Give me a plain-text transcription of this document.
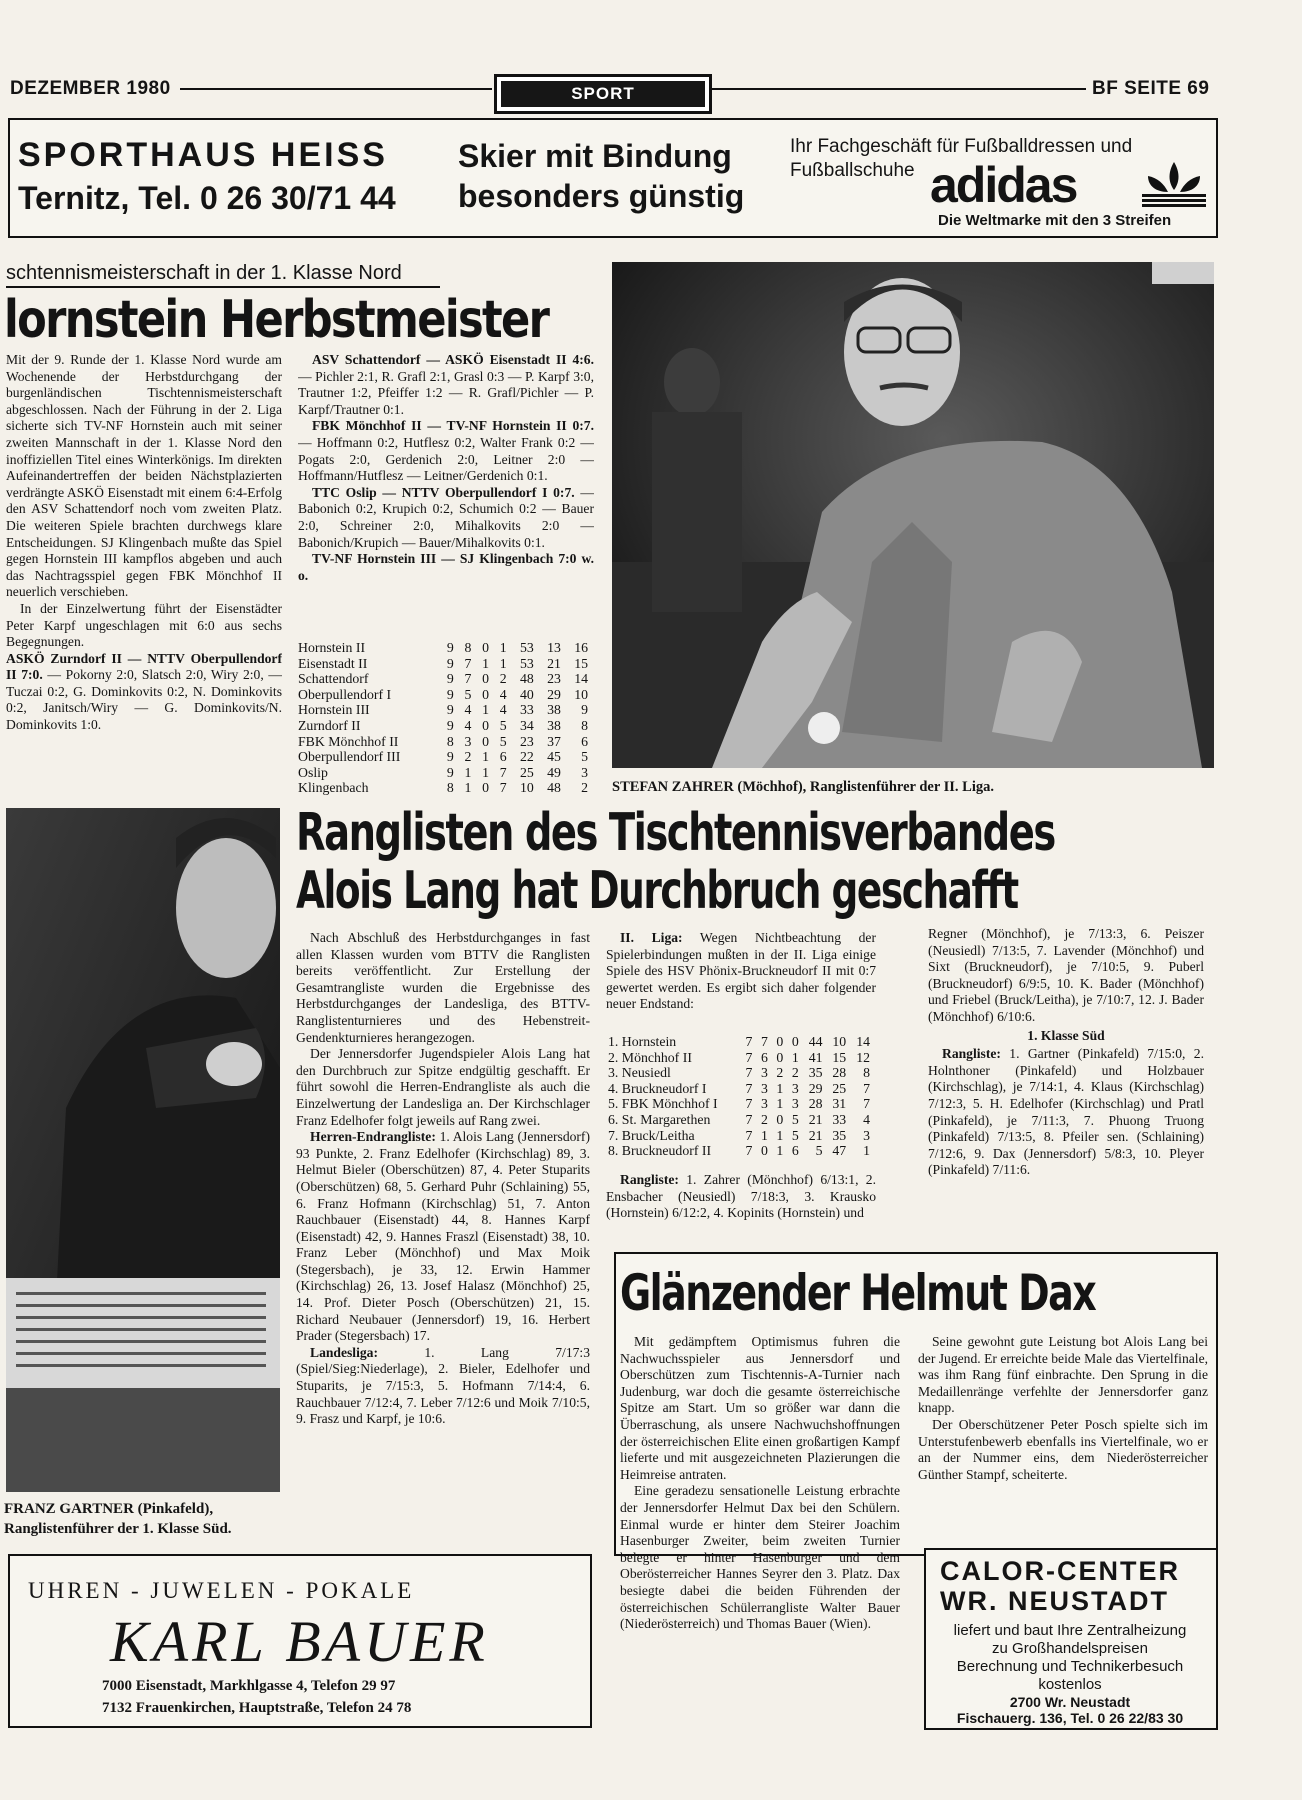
DEZEMBER 1980	SPORT	BF SEITE 69
SPORTHAUS HEISS
Ternitz, Tel. 0 26 30/71 44
Skier mit Bindung
besonders günstig
Ihr Fachgeschäft für Fußballdressen und
Fußballschuhe adidas
Die Weltmarke mit den 3 Streifen
schtennismeisterschaft in der 1. Klasse Nord
lornstein Herbstmeister

Mit der 9. Runde der 1. Klasse Nord wurde am Wochenende der Herbstdurchgang der burgenländischen Tischtennismeisterschaft abgeschlossen. Nach der Führung in der 2. Liga sicherte sich TV-NF Hornstein auch mit seiner zweiten Mannschaft in der 1. Klasse Nord den inoffiziellen Titel eines Winterkönigs. Im direkten Aufeinandertreffen der beiden Nächstplazierten verdrängte ASKÖ Eisenstadt mit einem 6:4-Erfolg den ASV Schattendorf noch vom zweiten Platz. Die weiteren Spiele brachten durchwegs klare Entscheidungen. SJ Klingenbach mußte das Spiel gegen Hornstein III kampflos abgeben und auch das Nachtragsspiel gegen FBK Mönchhof II neuerlich verschieben.

In der Einzelwertung führt der Eisenstädter Peter Karpf ungeschlagen mit 6:0 aus sechs Begegnungen.

ASKÖ Zurndorf II — NTTV Oberpullendorf II 7:0. — Pokorny 2:0, Slatsch 2:0, Wiry 2:0, — Tuczai 0:2, G. Dominkovits 0:2, N. Dominkovits 0:2, Janitsch/Wiry — G. Dominkovits/N. Dominkovits 1:0.

ASV Schattendorf — ASKÖ Eisenstadt II 4:6. — Pichler 2:1, R. Grafl 2:1, Grasl 0:3 — P. Karpf 3:0, Trautner 1:2, Pfeiffer 1:2 — R. Grafl/Pichler — P. Karpf/Trautner 0:1.

FBK Mönchhof II — TV-NF Hornstein II 0:7. — Hoffmann 0:2, Hutflesz 0:2, Walter Frank 0:2 — Pogats 2:0, Gerdenich 2:0, Leitner 2:0 — Hoffmann/Hutflesz — Leitner/Gerdenich 0:1.

TTC Oslip — NTTV Oberpullendorf I 0:7. — Babonich 0:2, Krupich 0:2, Schumich 0:2 — Bauer 2:0, Schreiner 2:0, Mihalkovits 2:0 — Babonich/Krupich — Bauer/Mihalkovits 0:1.

TV-NF Hornstein III — SJ Klingenbach 7:0 w. o.

Hornstein II	9	8	0	1	53	13	16
Eisenstadt II	9	7	1	1	53	21	15
Schattendorf	9	7	0	2	48	23	14
Oberpullendorf I	9	5	0	4	40	29	10
Hornstein III	9	4	1	4	33	38	9
Zurndorf II	9	4	0	5	34	38	8
FBK Mönchhof II	8	3	0	5	23	37	6
Oberpullendorf III	9	2	1	6	22	45	5
Oslip	9	1	1	7	25	49	3
Klingenbach	8	1	0	7	10	48	2 STEFAN ZAHRER (Möchhof), Ranglistenführer der II. Liga.
FRANZ GARTNER (Pinkafeld),
Ranglistenführer der 1. Klasse Süd.
Ranglisten des Tischtennisverbandes
Alois Lang hat Durchbruch geschafft

Nach Abschluß des Herbstdurchganges in fast allen Klassen wurden vom BTTV die Ranglisten bereits veröffentlicht. Zur Erstellung der Gesamtrangliste wurden die Ergebnisse des Herbstdurchganges der Landesliga, des BTTV-Ranglistenturnieres und des Hebenstreit-Gendenkturnieres herangezogen.

Der Jennersdorfer Jugendspieler Alois Lang hat den Durchbruch zur Spitze endgültig geschafft. Er führt sowohl die Herren-Endrangliste als auch die Einzelwertung der Landesliga an. Der Kirchschlager Franz Edelhofer folgt jeweils auf Rang zwei.

Herren-Endrangliste: 1. Alois Lang (Jennersdorf) 93 Punkte, 2. Franz Edelhofer (Kirchschlag) 89, 3. Helmut Bieler (Oberschützen) 87, 4. Peter Stuparits (Oberschützen) 68, 5. Gerhard Puhr (Schlaining) 55, 6. Franz Hofmann (Kirchschlag) 51, 7. Anton Rauchbauer (Eisenstadt) 44, 8. Hannes Karpf (Eisenstadt) 42, 9. Hannes Fraszl (Eisenstadt) 38, 10. Franz Leber (Mönchhof) und Max Moik (Stegersbach), je 33, 12. Erwin Hammer (Kirchschlag) 26, 13. Josef Halasz (Mönchhof) 25, 14. Prof. Dieter Posch (Oberschützen) 21, 15. Richard Neubauer (Jennersdorf) 19, 16. Herbert Prader (Stegersbach) 17.

Landesliga: 1. Lang 7/17:3 (Spiel/Sieg:Niederlage), 2. Bieler, Edelhofer und Stuparits, je 7/15:3, 5. Hofmann 7/14:4, 6. Rauchbauer 7/12:4, 7. Leber 7/12:6 und Moik 7/10:5, 9. Frasz und Karpf, je 10:6.

II. Liga: Wegen Nichtbeachtung der Spielerbindungen mußten in der II. Liga einige Spiele des HSV Phönix-Bruckneudorf II mit 0:7 gewertet werden. Es ergibt sich daher folgender neuer Endstand:

1. Hornstein	7	7	0	0	44	10	14
2. Mönchhof II	7	6	0	1	41	15	12
3. Neusiedl	7	3	2	2	35	28	8
4. Bruckneudorf I	7	3	1	3	29	25	7
5. FBK Mönchhof I	7	3	1	3	28	31	7
6. St. Margarethen	7	2	0	5	21	33	4
7. Bruck/Leitha	7	1	1	5	21	35	3
8. Bruckneudorf II	7	0	1	6	5	47	1

Rangliste: 1. Zahrer (Mönchhof) 6/13:1, 2. Ensbacher (Neusiedl) 7/18:3, 3. Krausko (Hornstein) 6/12:2, 4. Kopinits (Hornstein) und

Regner (Mönchhof), je 7/13:3, 6. Peiszer (Neusiedl) 7/13:5, 7. Lavender (Mönchhof) und Sixt (Bruckneudorf), je 7/10:5, 9. Puberl (Bruckneudorf) 6/9:5, 10. K. Bader (Mönchhof) und Friebel (Bruck/Leitha), je 7/10:7, 12. J. Bader (Mönchhof) 6/10:6.

1. Klasse Süd

Rangliste: 1. Gartner (Pinkafeld) 7/15:0, 2. Holnthoner (Pinkafeld) und Holzbauer (Kirchschlag), je 7/14:1, 4. Klaus (Kirchschlag) 7/12:3, 5. H. Edelhofer (Kirchschlag) und Pratl (Pinkafeld), je 7/11:3, 7. Phuong Truong (Pinkafeld) 7/13:5, 8. Pfeiler sen. (Schlaining) 7/12:6, 9. Dax (Jennersdorf) 5/8:3, 10. Pleyer (Pinkafeld) 7/11:6.

Glänzender Helmut Dax

Mit gedämpftem Optimismus fuhren die Nachwuchsspieler aus Jennersdorf und Oberschützen zum Tischtennis-A-Turnier nach Judenburg, war doch die gesamte österreichische Spitze am Start. Um so größer war dann die Überraschung, als unsere Nachwuchshoffnungen der österreichischen Elite einen großartigen Kampf lieferte und mit ausgezeichneten Plazierungen die Heimreise antraten.

Eine geradezu sensationelle Leistung erbrachte der Jennersdorfer Helmut Dax bei den Schülern. Einmal wurde er hinter dem Steirer Joachim Hasenburger Zweiter, beim zweiten Turnier belegte er hinter Hasenburger und dem Oberösterreicher Hannes Seyrer den 3. Platz. Dax besiegte dabei die beiden Führenden der österreichischen Schülerrangliste Walter Bauer (Niederösterreich) und Thomas Bauer (Wien).

Seine gewohnt gute Leistung bot Alois Lang bei der Jugend. Er erreichte beide Male das Viertelfinale, was ihm Rang fünf einbrachte. Den Sprung in die Medaillenränge verfehlte der Jennersdorfer ganz knapp.

Der Oberschützener Peter Posch spielte sich im Unterstufenbewerb ebenfalls ins Viertelfinale, wo er an der Nummer eins, dem Niederösterreicher Günther Stampf, scheiterte.

UHREN - JUWELEN - POKALE
KARL BAUER
7000 Eisenstadt, Markhlgasse 4, Telefon 29 97
7132 Frauenkirchen, Hauptstraße, Telefon 24 78
CALOR-CENTER
WR. NEUSTADT
liefert und baut Ihre Zentralheizung
zu Großhandelspreisen
Berechnung und Technikerbesuch
kostenlos
2700 Wr. Neustadt
Fischauerg. 136, Tel. 0 26 22/83 30
